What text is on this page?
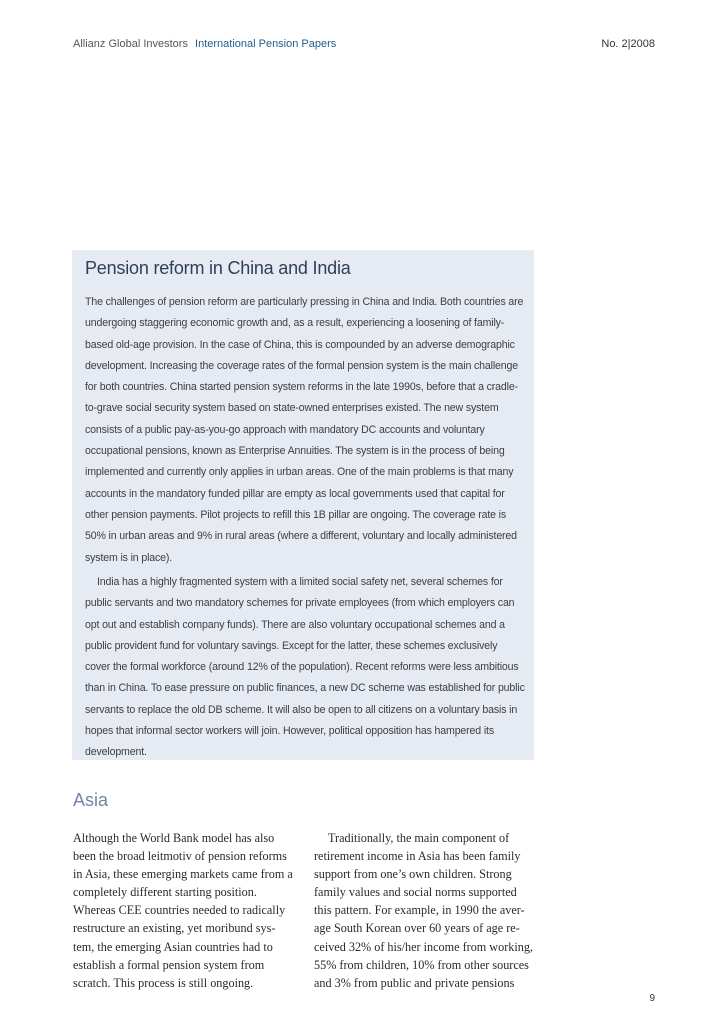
Allianz Global Investors International Pension Papers	No. 2|2008
Pension reform in China and India

The challenges of pension reform are particularly pressing in China and India. Both countries are undergoing staggering economic growth and, as a result, experiencing a loosening of family-based old-age provision. In the case of China, this is compounded by an adverse demographic development. Increasing the coverage rates of the formal pension system is the main challenge for both countries. China started pension system reforms in the late 1990s, before that a cradle-to-grave social security system based on state-owned enterprises existed. The new system consists of a public pay-as-you-go approach with mandatory DC accounts and voluntary occupational pensions, known as Enterprise Annuities. The system is in the process of being implemented and currently only applies in urban areas. One of the main problems is that many accounts in the mandatory funded pillar are empty as local governments used that capital for other pension payments. Pilot projects to refill this 1B pillar are ongoing. The coverage rate is 50% in urban areas and 9% in rural areas (where a different, voluntary and locally administered system is in place).

India has a highly fragmented system with a limited social safety net, several schemes for public servants and two mandatory schemes for private employees (from which employers can opt out and establish company funds). There are also voluntary occupational schemes and a public provident fund for voluntary savings. Except for the latter, these schemes exclusively cover the formal workforce (around 12% of the population). Recent reforms were less ambitious than in China. To ease pressure on public finances, a new DC scheme was established for public servants to replace the old DB scheme. It will also be open to all citizens on a voluntary basis in hopes that informal sector workers will join. However, political opposition has hampered its development.

Asia

Although the World Bank model has also been the broad leitmotiv of pension reforms in Asia, these emerging markets came from a completely different starting position. Whereas CEE countries needed to radically restructure an existing, yet moribund sys-tem, the emerging Asian countries had to establish a formal pension system from scratch. This process is still ongoing.

Traditionally, the main component of retirement income in Asia has been family support from one’s own children. Strong family values and social norms supported this pattern. For example, in 1990 the aver-age South Korean over 60 years of age re-ceived 32% of his/her income from working, 55% from children, 10% from other sources and 3% from public and private pensions

9
